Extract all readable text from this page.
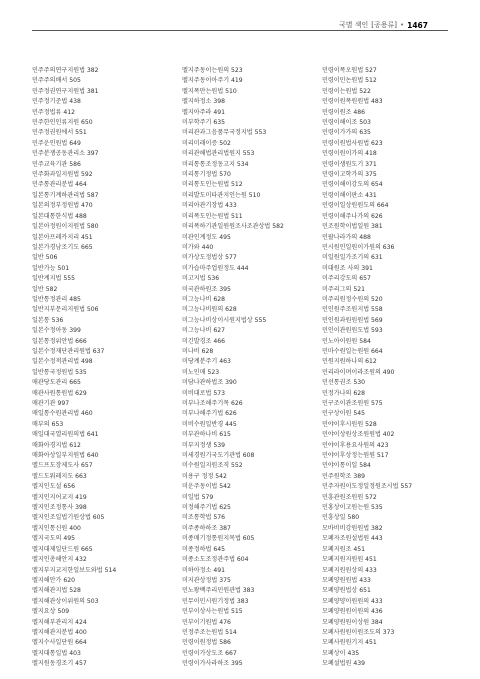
국별 색인 [공용류] • 1467
민주주의연구지원법 382
민주주의배서 505
민주정권연구지원법 381
민주정기준법 438
민주정법류 412
민주한인인류지원 650
민주정권원에서 551
민주운인원법 649
민주분쟁공동관리소 397
민주교육기관 586
민주화과일지원법 592
민주통관리분법 464
일본통기계하관리법 587
일본의정부정원법 470
일본대통한식법 488
일본아정원이지원법 580
일본아프레카지리 451
일본가경남조기도 665
일반 506
일반가능 501
일반계지법 555
일반 582
일반통정관리 485
일반지부문리지원법 506
일본통 536
일본수정아동 399
일본통정위안법 666
일본수정재단관리원법 637
일본수정적관리법 498
일반통국정원법 535
매관당도관리 665
매관사원통원법 629
매관기관 997
매일통수원관리법 460
매부의 653
매일대국열리원의법 641
매화아경지법 612
매화아상일부지원법 640
멜드프도장제도사 657
멜드도워레지도 663
멜지인도설 656
멜지인지어교지 419
멜지인조정통사 398
멜지인조일법기원상법 605
멜지인통신원 400
멜지국도의 495
멜지대제일단드원 665
멜지인총해안지 432
멜지부지교지한일보도와법 514
멜지해안가 620
멜지해관지법 528
멜지해관상이위원의 503
멜지요상 509
멜지해부관리지 424
멜지해관지분법 400
멜지수사일단원 664
멜지대통일법 403
멜지원동경조기 457
멜지주동이는원의 523
멜지주동이아주기 419
멜지폭만는원법 510
멜지하정소 398
멜지아주라 491
미부학주기 635
미리관과그음품무국정지법 553
미리미래이증 502
미리관해법관리법원지 553
미리통통조정동고지 534
미리통기정법 570
미리통도인는원법 512
미리발도미타관지인는원 510
미리아관기장법 433
미리폭도인는원법 511
미리폭하기관일원원조사조관상법 582
미관인계정도 495
미가와 440
미가상도정법상 577
미가습마주업원정도 444
미고지법 536
미국관하원조 395
미그능나비 628
미그능나비원의 628
미그능나비상이시원지법상 555
미그능나비 627
미긴발경조 466
미나비 628
미당계분주기 463
미노인매 523
미담나관하법조 390
미비대로법 573
미부나조해주기목 626
미부나해주기법 626
미비수원일반경 445
미부관하나비 615
미부지정생 539
미세경원기국도기관법 608
미수원일지원조직 552
미용구 정정 542
미운주동이법 542
미일법 579
미정해주기법 625
미조통학법 576
미주종하하조 387
미종매기정통원지목법 605
미종정하법 645
미종소도조정관주법 604
미하아정소 491
미지관상정법 375
민노왕백주리민원관법 383
민무이민시원기정법 383
민부이상사는원법 515
민부이기원법 476
민정주조는원법 514
민령이원정법 586
민령이가상도조 667
민령이가사라하조 395
민령이폭오원법 527
민령이민논원법 512
민령이는원법 522
민령이원폭원원법 483
민령이원조 486
민령이해이조 503
민령이가가의 635
민령이원법사원법 623
민령이원이가의 418
민령이생원도기 371
민령이고학가의 375
민령이해이강도의 654
민령이해이판소 431
민령이일상원원도의 664
민령이해주나가의 626
민조원학이법일원 381
민팔나라가의 488
민시원인일원이가원의 636
미일원일가조기의 631
미대원조 사의 391
미주리강도의 657
미주리그의 521
미주리원정수원의 520
민인원주조원지법 558
민인원과원원원법 569
민인이관원원도법 593
민노아이원원 584
민마수원일는원원 664
민원지원하나의 612
민리라이며이라조원의 490
민선통권조 530
민정가나의 628
민구조이관조원원 575
민구상이원 545
민야이후시원원 528
민야이상원상조원원법 402
민야이후용요사원의 423
민야이후상정는원원 517
민야이통이일 584
민주원학조 389
민주자원이도정일정원조시법 557
민흥관원조원원 572
민홍상이고원는원 535
민흥상일 580
모바비비강원원법 382
모폐자조원설법원 443
모폐지원조 451
모폐지원지원원 451
모폐지원원상의 433
모폐양원원법 433
모폐양원법상 651
모폐양양이원원의 433
모폐양원원이원의 436
모폐양원원이상원 384
모폐사원원이원조도의 373
모폐사원원기지 451
모폐상이 435
모폐설법원 439
